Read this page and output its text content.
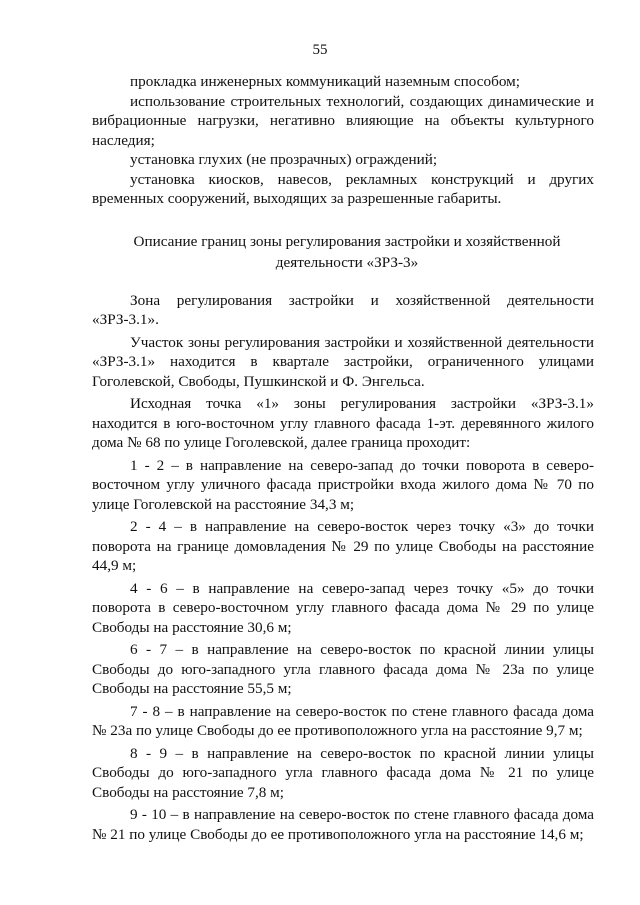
55

прокладка инженерных коммуникаций наземным способом;

использование строительных технологий, создающих динамические и вибрационные нагрузки, негативно влияющие на объекты культурного наследия;

установка глухих (не прозрачных) ограждений;

установка киосков, навесов, рекламных конструкций и других временных сооружений, выходящих за разрешенные габариты.

Описание границ зоны регулирования застройки и хозяйственной

деятельности «ЗРЗ-3»

Зона регулирования застройки и хозяйственной деятельности «ЗРЗ-3.1».

Участок зоны регулирования застройки и хозяйственной деятельности «ЗРЗ-3.1» находится в квартале застройки, ограниченного улицами Гоголевской, Свободы, Пушкинской и Ф. Энгельса.

Исходная точка «1» зоны регулирования застройки «ЗРЗ-3.1» находится в юго-восточном углу главного фасада 1-эт. деревянного жилого дома № 68 по улице Гоголевской, далее граница проходит:

1 - 2 – в направление на северо-запад до точки поворота в северо-восточном углу уличного фасада пристройки входа жилого дома № 70 по улице Гоголевской на расстояние 34,3 м;

2 - 4 – в направление на северо-восток через точку «3» до точки поворота на границе домовладения № 29 по улице Свободы на расстояние 44,9 м;

4 - 6 – в направление на северо-запад через точку «5» до точки поворота в северо-восточном углу главного фасада дома № 29 по улице Свободы на расстояние 30,6 м;

6 - 7 – в направление на северо-восток по красной линии улицы Свободы до юго-западного угла главного фасада дома № 23а по улице Свободы на расстояние 55,5 м;

7 - 8 – в направление на северо-восток по стене главного фасада дома № 23а по улице Свободы до ее противоположного угла на расстояние 9,7 м;

8 - 9 – в направление на северо-восток по красной линии улицы Свободы до юго-западного угла главного фасада дома № 21 по улице Свободы на расстояние 7,8 м;

9 - 10 – в направление на северо-восток по стене главного фасада дома № 21 по улице Свободы до ее противоположного угла на расстояние 14,6 м;
